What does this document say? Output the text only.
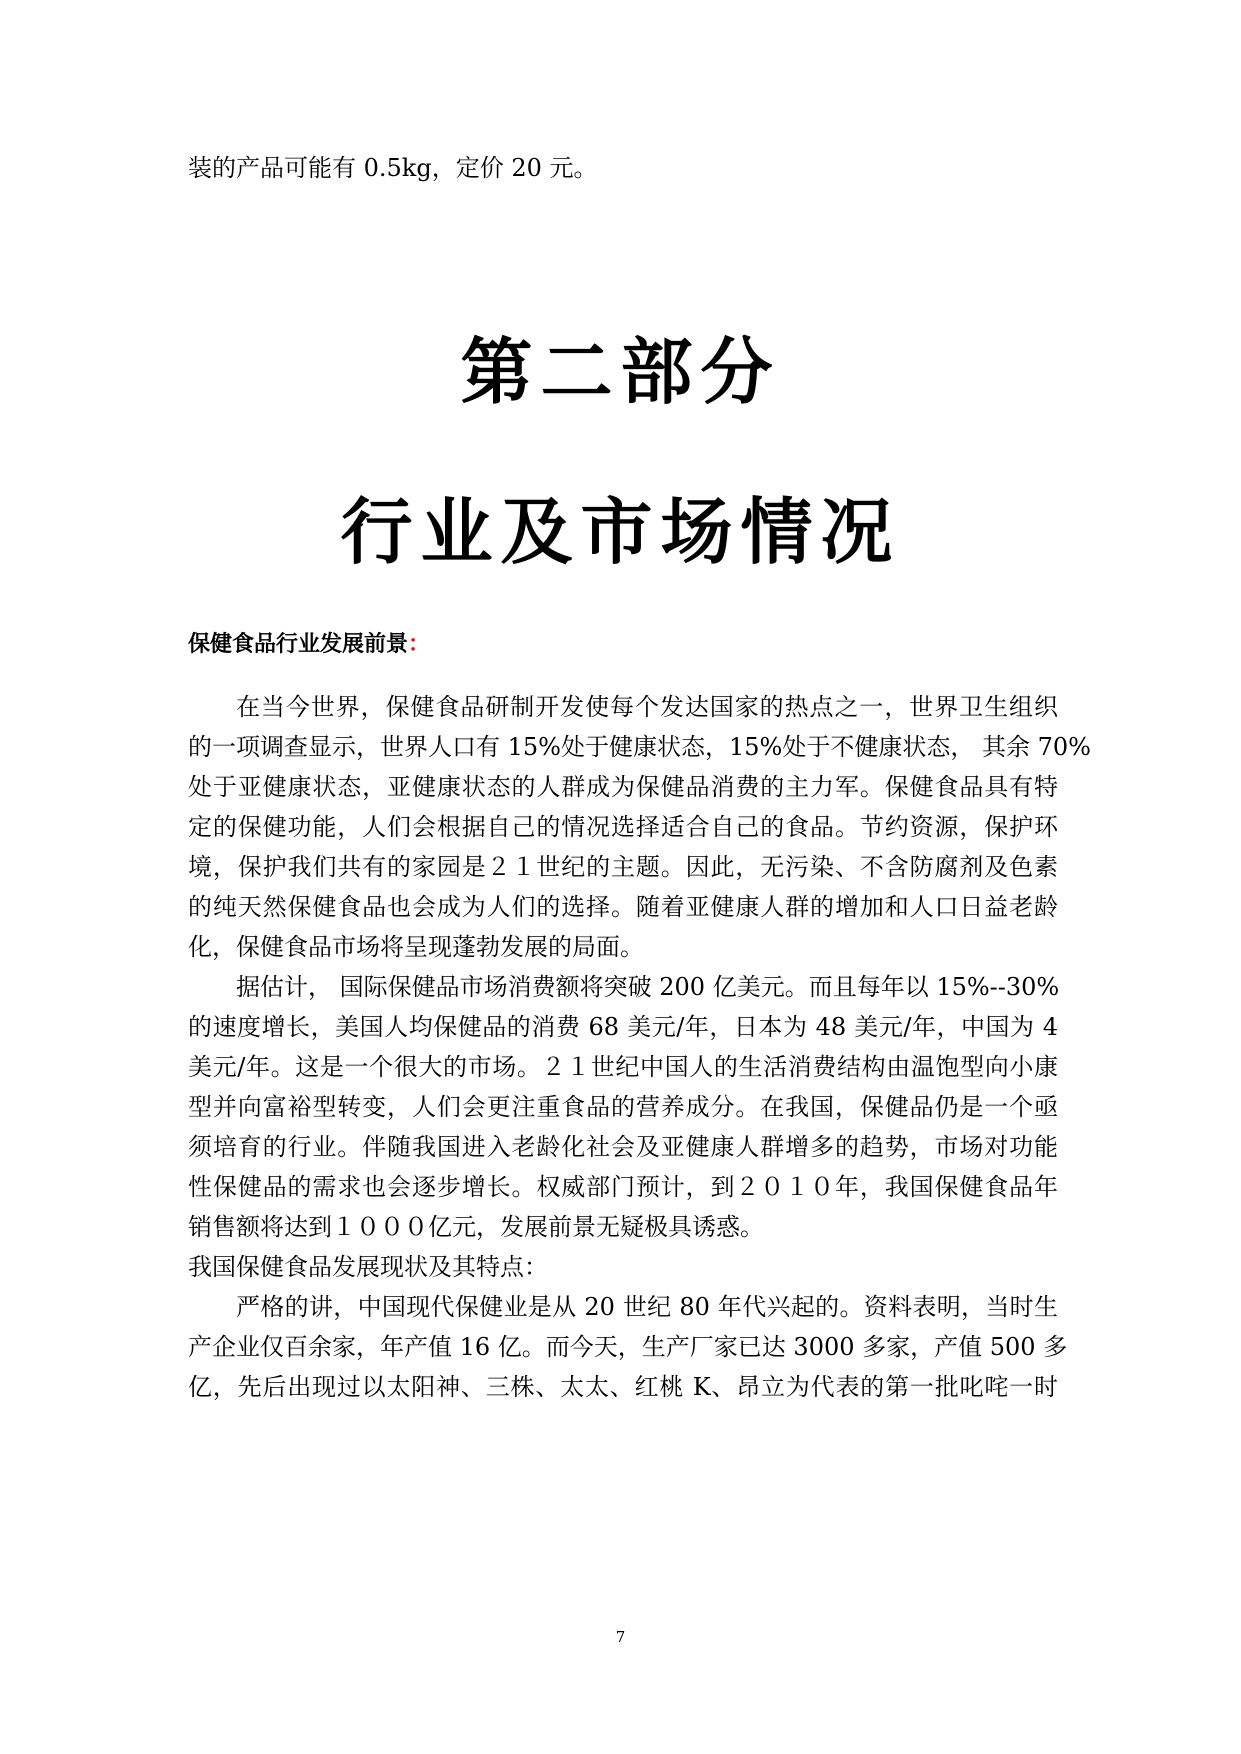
装的产品可能有 0.5kg，定价 20 元。

第二部分
行业及市场情况
保健食品行业发展前景：
在当今世界，保健食品研制开发使每个发达国家的热点之一，世界卫生组织
的一项调查显示，世界人口有 15%处于健康状态，15%处于不健康状态， 其余 70%
处于亚健康状态，亚健康状态的人群成为保健品消费的主力军。保健食品具有特
定的保健功能，人们会根据自己的情况选择适合自己的食品。节约资源，保护环
境，保护我们共有的家园是２１世纪的主题。因此，无污染、不含防腐剂及色素
的纯天然保健食品也会成为人们的选择。随着亚健康人群的增加和人口日益老龄
化，保健食品市场将呈现蓬勃发展的局面。
据估计， 国际保健品市场消费额将突破 200 亿美元。而且每年以 15%--30%
的速度增长，美国人均保健品的消费 68 美元/年，日本为 48 美元/年，中国为 4
美元/年。这是一个很大的市场。２１世纪中国人的生活消费结构由温饱型向小康
型并向富裕型转变，人们会更注重食品的营养成分。在我国，保健品仍是一个亟
须培育的行业。伴随我国进入老龄化社会及亚健康人群增多的趋势，市场对功能
性保健品的需求也会逐步增长。权威部门预计，到２０１０年，我国保健食品年
销售额将达到１０００亿元，发展前景无疑极具诱惑。
我国保健食品发展现状及其特点：
严格的讲，中国现代保健业是从 20 世纪 80 年代兴起的。资料表明，当时生
产企业仅百余家，年产值 16 亿。而今天，生产厂家已达 3000 多家，产值 500 多
亿，先后出现过以太阳神、三株、太太、红桃 K、昂立为代表的第一批叱咤一时

7
